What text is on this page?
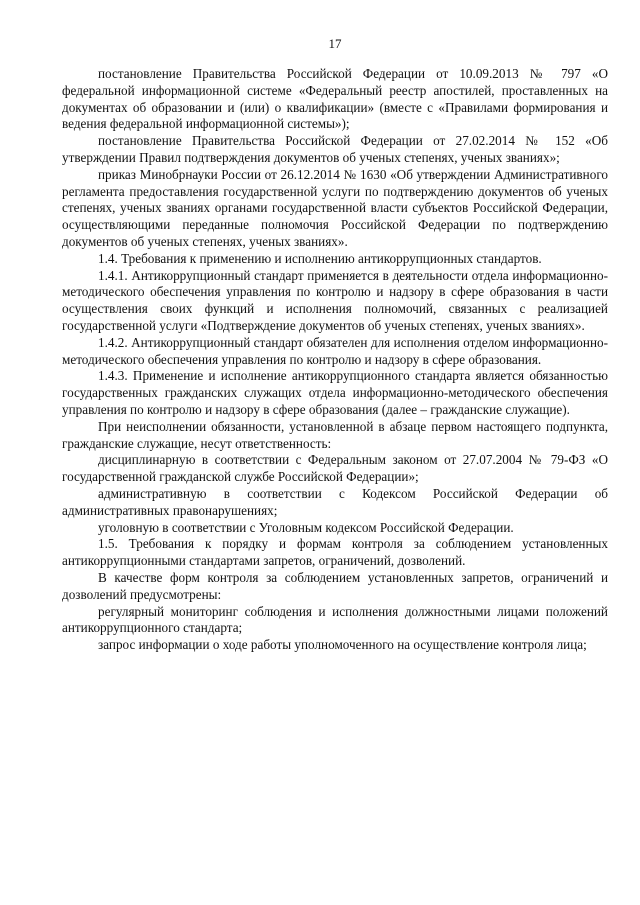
17

постановление Правительства Российской Федерации от 10.09.2013 № 797 «О федеральной информационной системе «Федеральный реестр апостилей, проставленных на документах об образовании и (или) о квалификации» (вместе с «Правилами формирования и ведения федеральной информационной системы»);

постановление Правительства Российской Федерации от 27.02.2014 № 152 «Об утверждении Правил подтверждения документов об ученых степенях, ученых званиях»;

приказ Минобрнауки России от 26.12.2014 № 1630 «Об утверждении Административного регламента предоставления государственной услуги по подтверждению документов об ученых степенях, ученых званиях органами государственной власти субъектов Российской Федерации, осуществляющими переданные полномочия Российской Федерации по подтверждению документов об ученых степенях, ученых званиях».

1.4. Требования к применению и исполнению антикоррупционных стандартов.

1.4.1. Антикоррупционный стандарт применяется в деятельности отдела информационно-методического обеспечения управления по контролю и надзору в сфере образования в части осуществления своих функций и исполнения полномочий, связанных с реализацией государственной услуги «Подтверждение документов об ученых степенях, ученых званиях».

1.4.2. Антикоррупционный стандарт обязателен для исполнения отделом информационно-методического обеспечения управления по контролю и надзору в сфере образования.

1.4.3. Применение и исполнение антикоррупционного стандарта является обязанностью государственных гражданских служащих отдела информационно-методического обеспечения управления по контролю и надзору в сфере образования (далее – гражданские служащие).

При неисполнении обязанности, установленной в абзаце первом настоящего подпункта, гражданские служащие, несут ответственность:

дисциплинарную в соответствии с Федеральным законом от 27.07.2004 № 79-ФЗ «О государственной гражданской службе Российской Федерации»;

административную в соответствии с Кодексом Российской Федерации об административных правонарушениях;

уголовную в соответствии с Уголовным кодексом Российской Федерации.

1.5. Требования к порядку и формам контроля за соблюдением установленных антикоррупционными стандартами запретов, ограничений, дозволений.

В качестве форм контроля за соблюдением установленных запретов, ограничений и дозволений предусмотрены:

регулярный мониторинг соблюдения и исполнения должностными лицами положений антикоррупционного стандарта;

запрос информации о ходе работы уполномоченного на осуществление контроля лица;
